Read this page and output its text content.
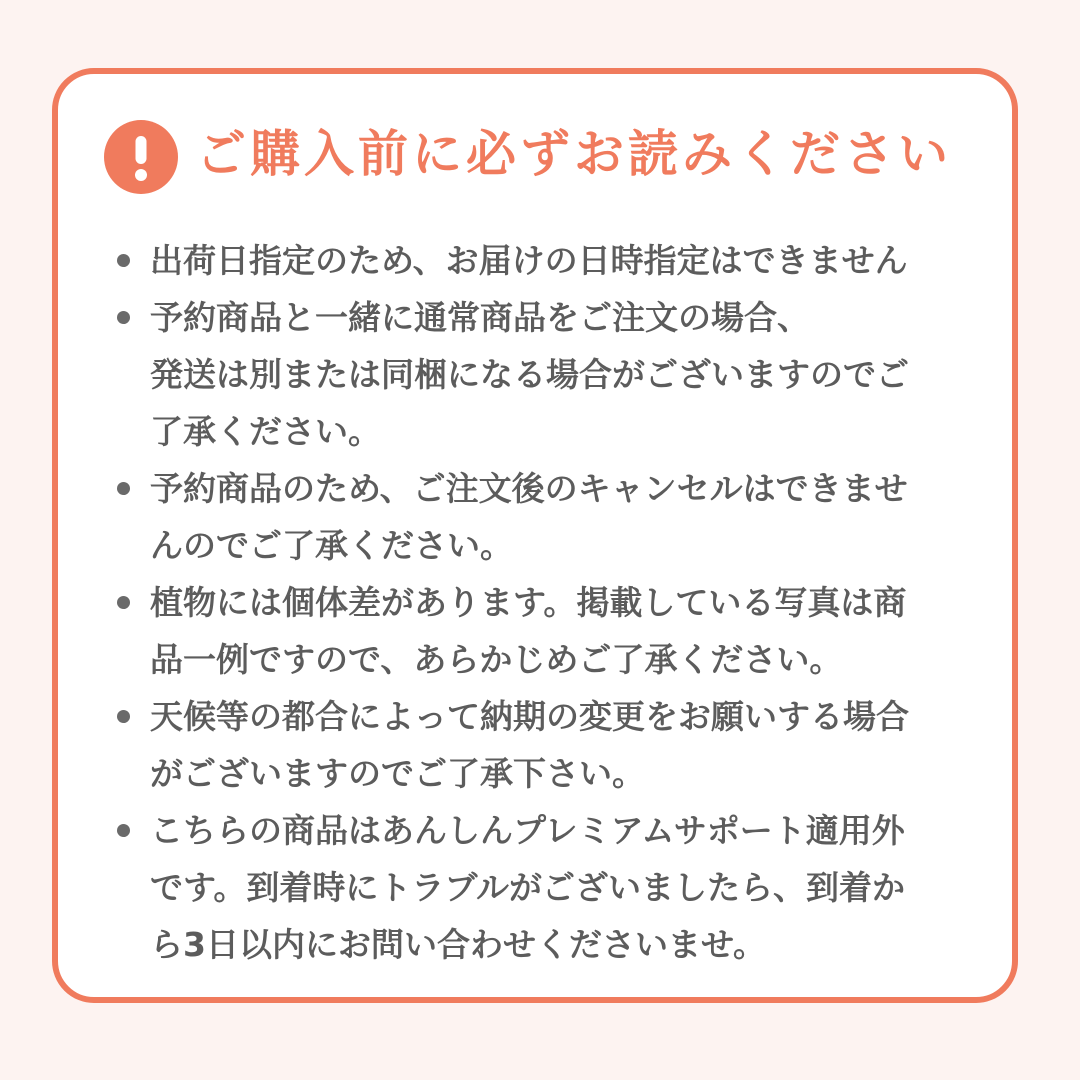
ご購入前に必ずお読みください
出荷日指定のため、お届けの日時指定はできません
予約商品と一緒に通常商品をご注文の場合、
発送は別または同梱になる場合がございますのでご
了承ください。
予約商品のため、ご注文後のキャンセルはできませ
んのでご了承ください。
植物には個体差があります。掲載している写真は商
品一例ですので、あらかじめご了承ください。
天候等の都合によって納期の変更をお願いする場合
がございますのでご了承下さい。
こちらの商品はあんしんプレミアムサポート適用外
です。到着時にトラブルがございましたら、到着か
ら3日以内にお問い合わせくださいませ。
